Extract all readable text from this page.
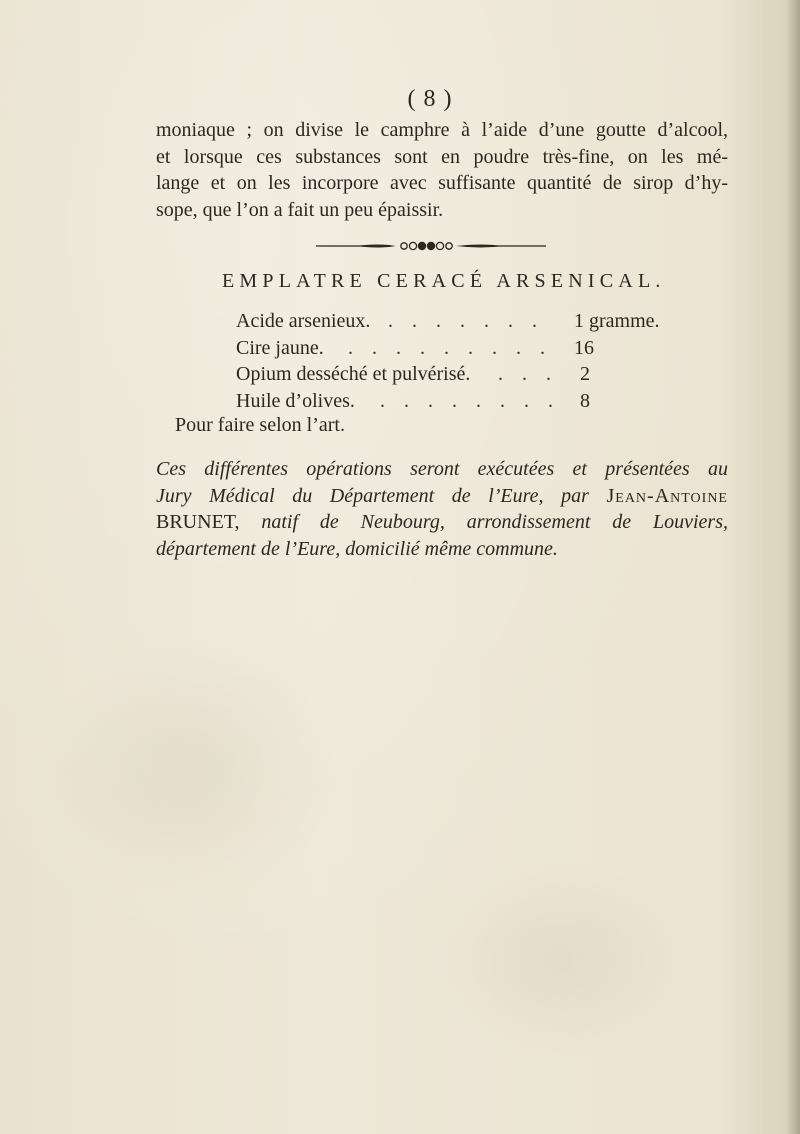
( 8 )
moniaque ; on divise le camphre à l’aide d’une goutte d’alcool,
et lorsque ces substances sont en poudre très-fine, on les mé-
lange et on les incorpore avec suffisante quantité de sirop d’hy-
sope, que l’on a fait un peu épaissir.
EMPLATRE CERACÉ ARSENICAL.
Acide arsenieux. . . . . . . . 1 gramme.
Cire jaune. . . . . . . . . . 16
Opium desséché et pulvérisé. . . . 2
Huile d’olives. . . . . . . . . 8
Pour faire selon l’art.
Ces différentes opérations seront exécutées et présentées au
Jury Médical du Département de l’Eure, par Jean-Antoine
BRUNET, natif de Neubourg, arrondissement de Louviers,
département de l’Eure, domicilié même commune.
